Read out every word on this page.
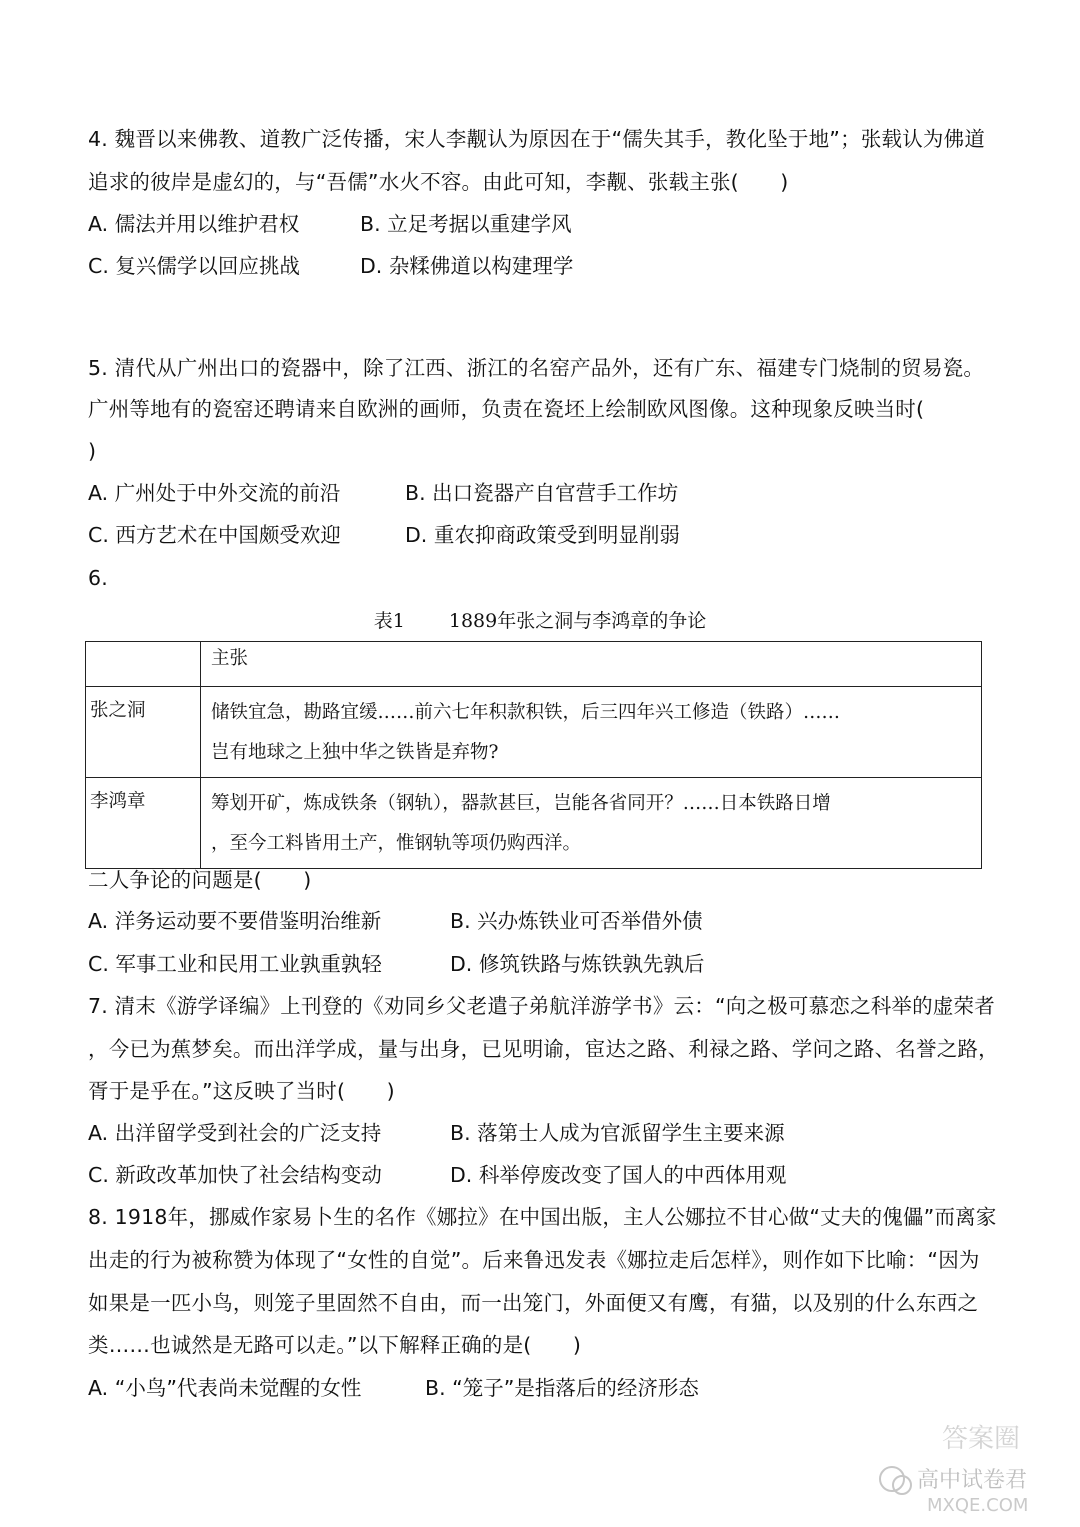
4. 魏晋以来佛教、道教广泛传播，宋人李觏认为原因在于“儒失其手，教化坠于地”；张载认为佛道
追求的彼岸是虚幻的，与“吾儒”水火不容。由此可知，李觏、张载主张(　　)
A. 儒法并用以维护君权	B. 立足考据以重建学风
C. 复兴儒学以回应挑战	D. 杂糅佛道以构建理学
5. 清代从广州出口的瓷器中，除了江西、浙江的名窑产品外，还有广东、福建专门烧制的贸易瓷。
广州等地有的瓷窑还聘请来自欧洲的画师，负责在瓷坯上绘制欧风图像。这种现象反映当时(
)
A. 广州处于中外交流的前沿	B. 出口瓷器产自官营手工作坊
C. 西方艺术在中国颇受欢迎	D. 重农抑商政策受到明显削弱
6.
表1 1889年张之洞与李鸿章的争论
	主张
张之洞	储铁宜急，勘路宜缓……前六七年积款积铁，后三四年兴工修造（铁路）……
岂有地球之上独中华之铁皆是弃物?

李鸿章	筹划开矿，炼成铁条（钢轨），器款甚巨，岂能各省同开？……日本铁路日增
，至今工料皆用土产，惟钢轨等项仍购西洋。
二人争论的问题是(　　)
A. 洋务运动要不要借鉴明治维新	B. 兴办炼铁业可否举借外债
C. 军事工业和民用工业孰重孰轻	D. 修筑铁路与炼铁孰先孰后
7. 清末《游学译编》上刊登的《劝同乡父老遣子弟航洋游学书》云：“向之极可慕恋之科举的虚荣者
，今已为蕉梦矣。而出洋学成，量与出身，已见明谕，宦达之路、利禄之路、学问之路、名誉之路，
胥于是乎在。”这反映了当时(　　)
A. 出洋留学受到社会的广泛支持	B. 落第士人成为官派留学生主要来源
C. 新政改革加快了社会结构变动	D. 科举停废改变了国人的中西体用观
8. 1918年，挪威作家易卜生的名作《娜拉》在中国出版，主人公娜拉不甘心做“丈夫的傀儡”而离家
出走的行为被称赞为体现了“女性的自觉”。后来鲁迅发表《娜拉走后怎样》，则作如下比喻：“因为
如果是一匹小鸟，则笼子里固然不自由，而一出笼门，外面便又有鹰，有猫，以及别的什么东西之
类……也诚然是无路可以走。”以下解释正确的是(　　)
A. “小鸟”代表尚未觉醒的女性	B. “笼子”是指落后的经济形态
答案圈
高中试卷君
MXQE.COM
